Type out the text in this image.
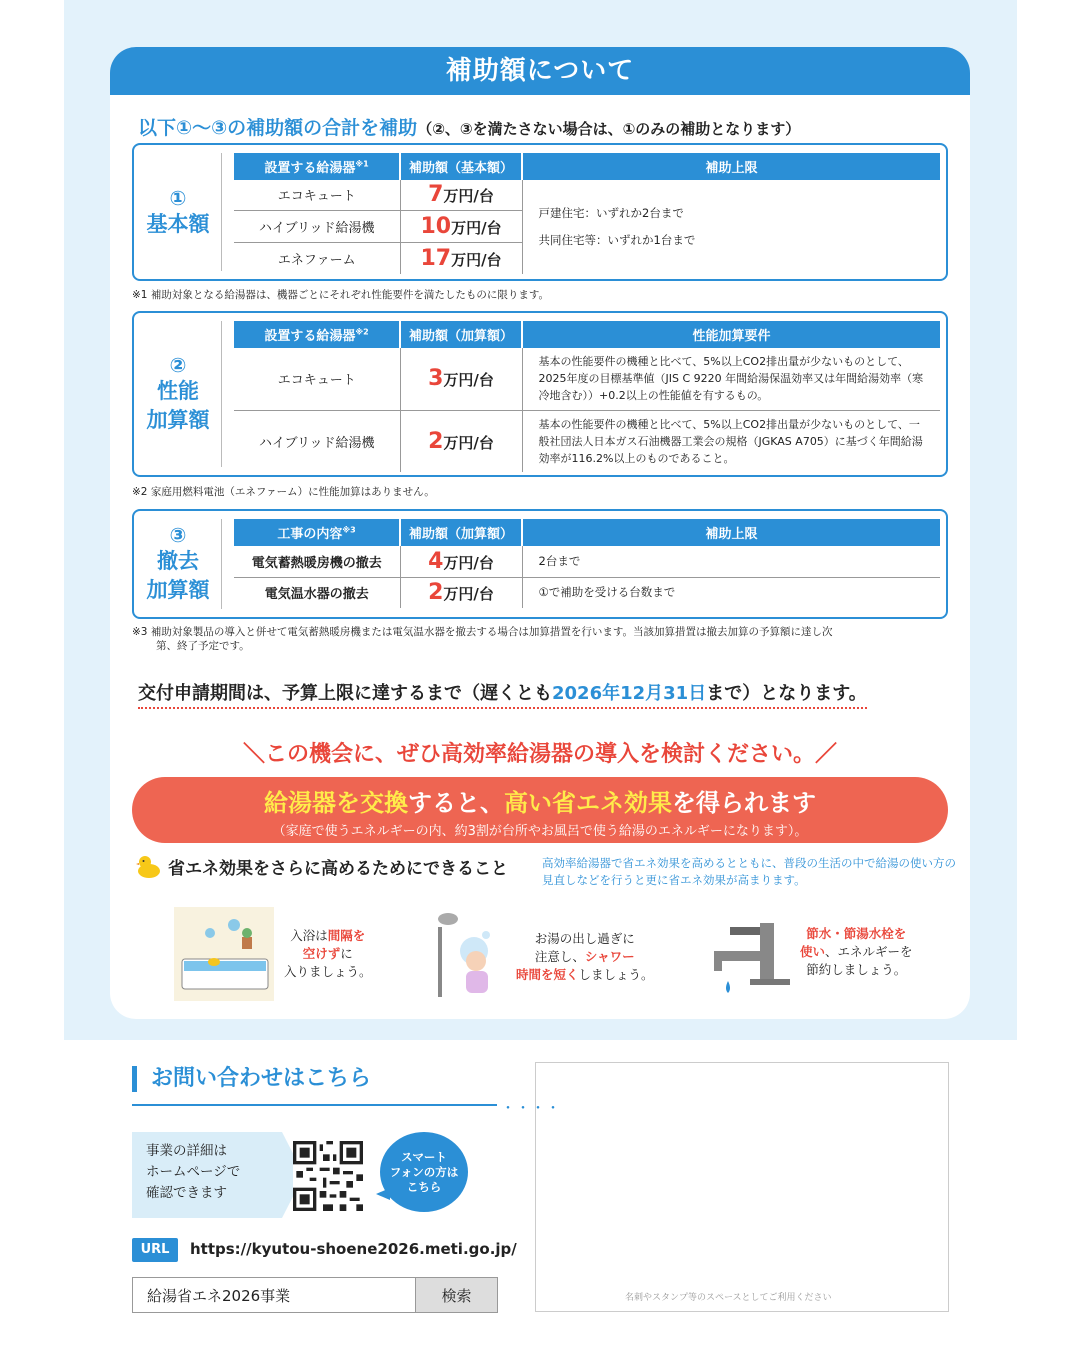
補助額について
以下①～③の補助額の合計を補助（②、③を満たさない場合は、①のみの補助となります）
①
基本額
設置する給湯器$^{※1}$	補助額（基本額）	補助上限
エコキュート	7万円/台	戸建住宅：いずれか2台まで
共同住宅等：いずれか1台まで

ハイブリッド給湯機	10万円/台	
エネファーム	17万円/台	
※1 補助対象となる給湯器は、機器ごとにそれぞれ性能要件を満たしたものに限ります。
②
性能
加算額
設置する給湯器$^{※2}$	補助額（加算額）	性能加算要件
エコキュート	3万円/台	基本の性能要件の機種と比べて、5%以上CO2排出量が少ないものとして、2025年度の目標基準値（JIS C 9220 年間給湯保温効率又は年間給湯効率（寒冷地含む））+0.2以上の性能値を有するもの。
ハイブリッド給湯機	2万円/台	基本の性能要件の機種と比べて、5%以上CO2排出量が少ないものとして、一般社団法人日本ガス石油機器工業会の規格（JGKAS A705）に基づく年間給湯効率が116.2%以上のものであること。
※2 家庭用燃料電池（エネファーム）に性能加算はありません。
③
撤去
加算額
工事の内容$^{※3}$	補助額（加算額）	補助上限
電気蓄熱暖房機の撤去	4万円/台	2台まで
電気温水器の撤去	2万円/台	①で補助を受ける台数まで
※3 補助対象製品の導入と併せて電気蓄熱暖房機または電気温水器を撤去する場合は加算措置を行います。当該加算措置は撤去加算の予算額に達し次
第、終了予定です。
交付申請期間は、予算上限に達するまで（遅くとも2026年12月31日まで）となります。
＼この機会に、ぜひ高効率給湯器の導入を検討ください。／
給湯器を交換すると、高い省エネ効果を得られます
（家庭で使うエネルギーの内、約3割が台所やお風呂で使う給湯のエネルギーになります）。
省エネ効果をさらに高めるためにできること	高効率給湯器で省エネ効果を高めるとともに、普段の生活の中で給湯の使い方の見直しなどを行うと更に省エネ効果が高まります。
入浴は間隔を
空けずに
入りましょう。
お湯の出し過ぎに
注意し、シャワー
時間を短くしましょう。
節水・節湯水栓を
使い、エネルギーを
節約しましょう。
お問い合わせはこちら
・・・・
事業の詳細は
ホームページで
確認できます
スマート
フォンの方は
こちら
URL	https://kyutou-shoene2026.meti.go.jp/
給湯省エネ2026事業
検索	名刺やスタンプ等のスペースとしてご利用ください
